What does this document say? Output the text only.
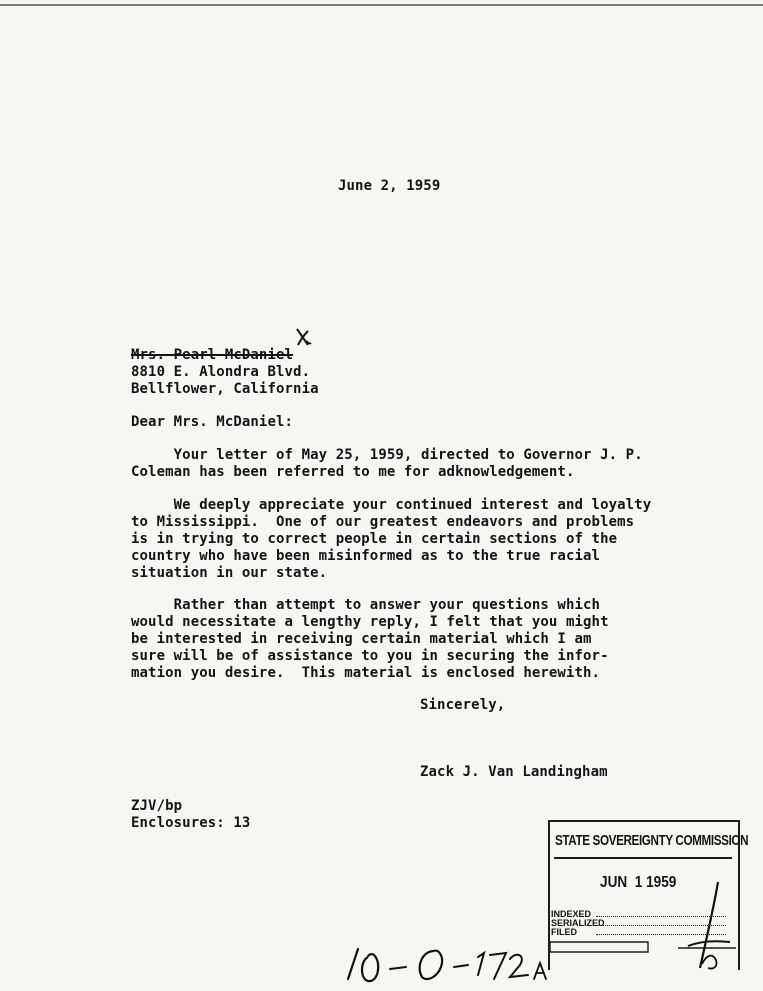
June 2, 1959
Mrs. Pearl McDaniel
8810 E. Alondra Blvd.
Bellflower, California
Dear Mrs. McDaniel:
Your letter of May 25, 1959, directed to Governor J. P.
Coleman has been referred to me for adknowledgement.
We deeply appreciate your continued interest and loyalty
to Mississippi.  One of our greatest endeavors and problems
is in trying to correct people in certain sections of the
country who have been misinformed as to the true racial
situation in our state.
Rather than attempt to answer your questions which
would necessitate a lengthy reply, I felt that you might
be interested in receiving certain material which I am
sure will be of assistance to you in securing the infor-
mation you desire.  This material is enclosed herewith.
Sincerely,
Zack J. Van Landingham
ZJV/bp
Enclosures: 13
STATE SOVEREIGNTY COMMISSION
JUN  1 1959
INDEXED
SERIALIZED
FILED
